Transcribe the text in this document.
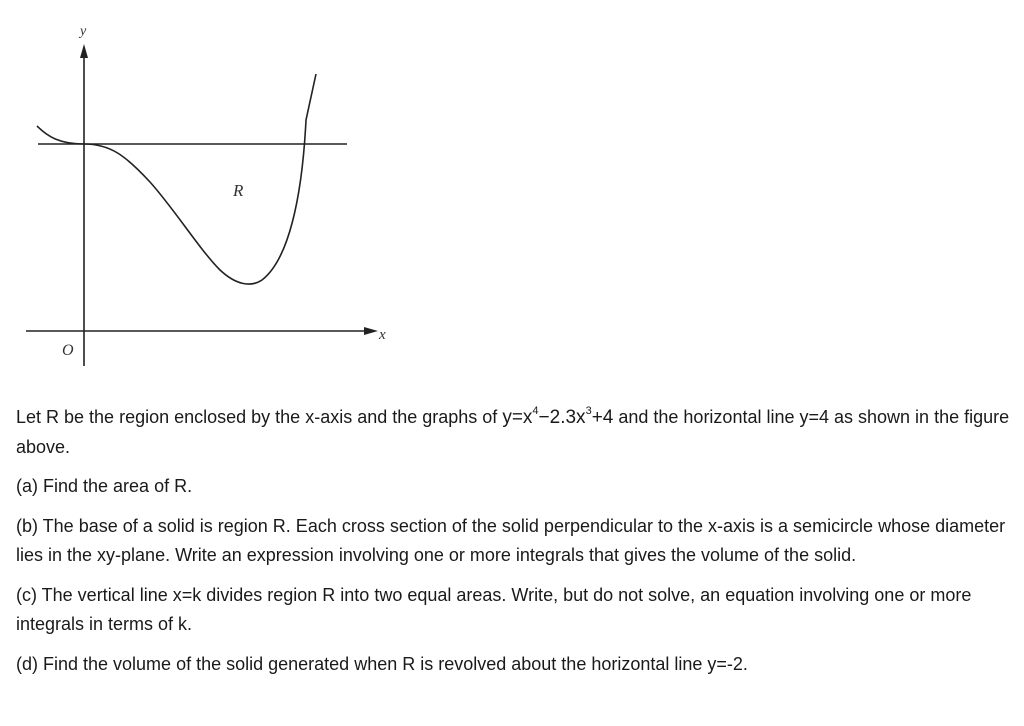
y
x
O
R

Let R be the region enclosed by the x-axis and the graphs of $y=x^4-2.3x^3+4$ and the horizontal line y=4 as shown in the figure above.

(a) Find the area of R.

(b) The base of a solid is region R. Each cross section of the solid perpendicular to the x-axis is a semicircle whose diameter lies in the xy-plane. Write an expression involving one or more integrals that gives the volume of the solid.

(c) The vertical line x=k divides region R into two equal areas. Write, but do not solve, an equation involving one or more integrals in terms of k.

(d) Find the volume of the solid generated when R is revolved about the horizontal line y=-2.
